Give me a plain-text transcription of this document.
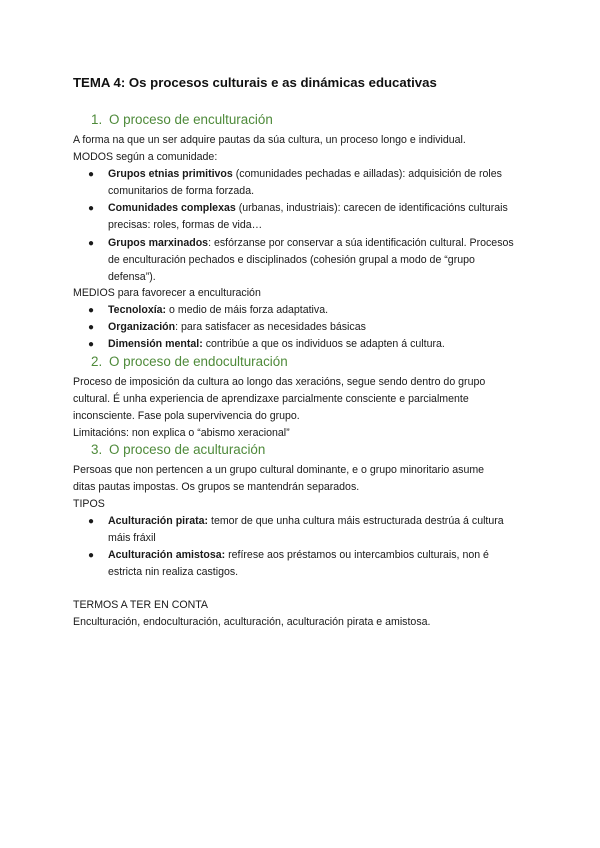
TEMA 4: Os procesos culturais e as dinámicas educativas
1. O proceso de enculturación
A forma na que un ser adquire pautas da súa cultura, un proceso longo e individual.
MODOS según a comunidade:
● Grupos etnias primitivos (comunidades pechadas e ailladas): adquisición de roles
comunitarios de forma forzada.
● Comunidades complexas (urbanas, industriais): carecen de identificacións culturais
precisas: roles, formas de vida…
● Grupos marxinados: esfórzanse por conservar a súa identificación cultural. Procesos
de enculturación pechados e disciplinados (cohesión grupal a modo de “grupo
defensa”).
MEDIOS para favorecer a enculturación
● Tecnoloxía: o medio de máis forza adaptativa.
● Organización: para satisfacer as necesidades básicas
● Dimensión mental: contribúe a que os individuos se adapten á cultura.
2. O proceso de endoculturación
Proceso de imposición da cultura ao longo das xeracións, segue sendo dentro do grupo
cultural. É unha experiencia de aprendizaxe parcialmente consciente e parcialmente
inconsciente. Fase pola supervivencia do grupo.
Limitacións: non explica o “abismo xeracional”
3. O proceso de aculturación
Persoas que non pertencen a un grupo cultural dominante, e o grupo minoritario asume
ditas pautas impostas. Os grupos se mantendrán separados.
TIPOS
● Aculturación pirata: temor de que unha cultura máis estructurada destrúa á cultura
máis fráxil
● Aculturación amistosa: refírese aos préstamos ou intercambios culturais, non é
estricta nin realiza castigos.
TERMOS A TER EN CONTA
Enculturación, endoculturación, aculturación, aculturación pirata e amistosa.
